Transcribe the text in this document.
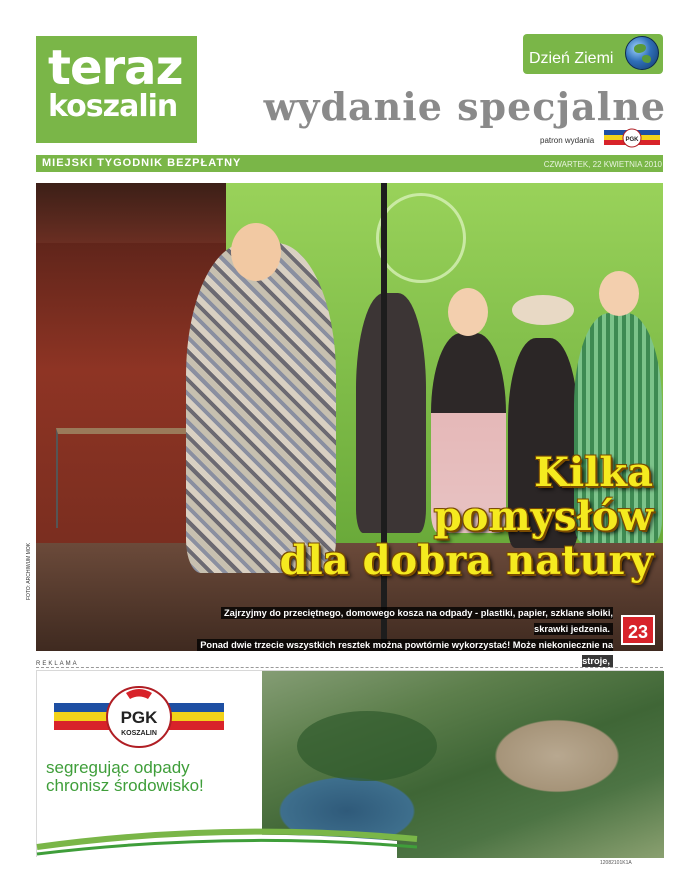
teraz
koszalin
Dzień Ziemi
wydanie specjalne
patron wydania	PGK
MIEJSKI TYGODNIK BEZPŁATNY	CZWARTEK, 22 KWIETNIA 2010
Kilka
pomysłów
dla dobra natury
Zajrzyjmy do przeciętnego, domowego kosza na odpady - plastiki, papier, szklane słoiki, skrawki jedzenia.
Ponad dwie trzecie wszystkich resztek można powtórnie wykorzystać! Może niekoniecznie na stroje,
23
FOTO: ARCHIWUM MOK
REKLAMA
PGK
KOSZALIN
segregując odpady
chronisz środowisko!
12082101K1A
